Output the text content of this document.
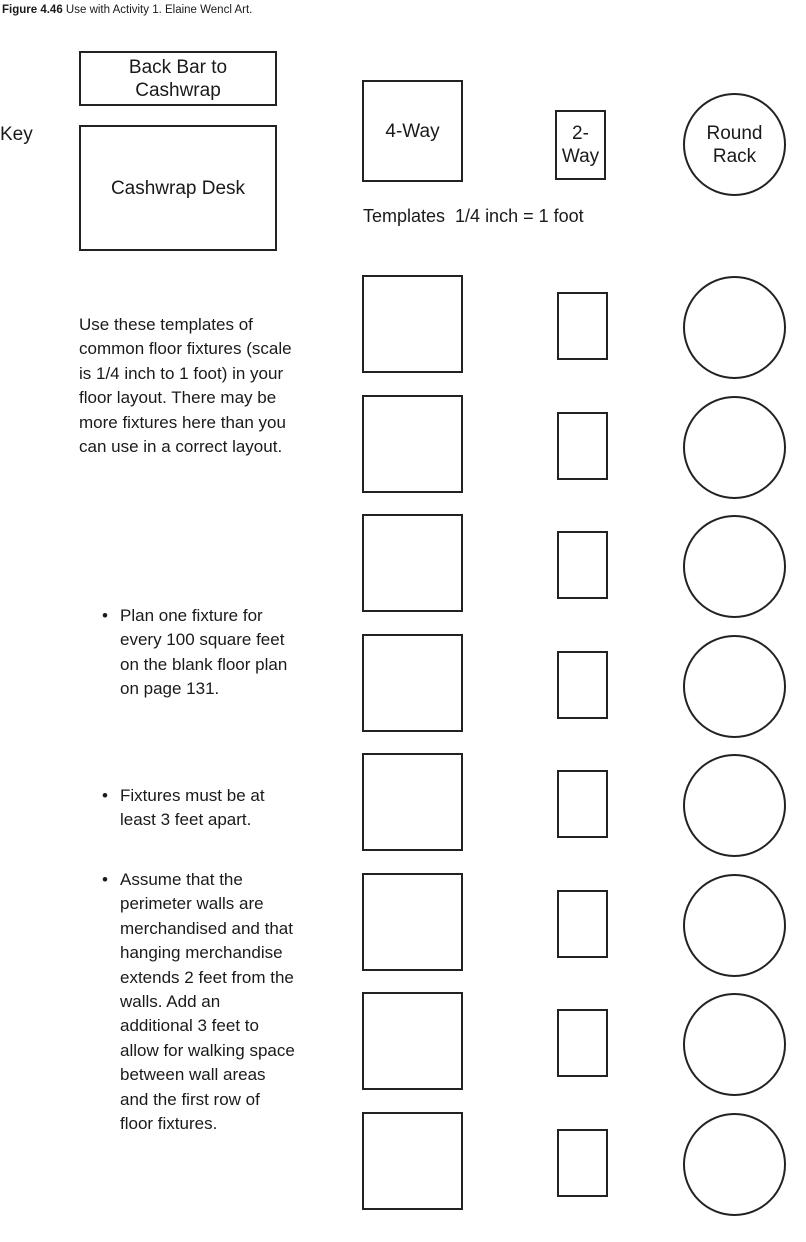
Figure 4.46 Use with Activity 1. Elaine Wencl Art.
Key
Back Bar to Cashwrap
Cashwrap Desk
4-Way	2-Way
Round Rack
Templates  1/4 inch = 1 foot
Use these templates of common floor fixtures (scale is 1/4 inch to 1 foot) in your floor layout. There may be more fixtures here than you can use in a correct layout.
• Plan one fixture for every 100 square feet on the blank floor plan on page 131.
• Fixtures must be at least 3 feet apart.
• Assume that the perimeter walls are merchandised and that hanging merchandise extends 2 feet from the walls. Add an additional 3 feet to allow for walking space between wall areas and the first row of floor fixtures.
